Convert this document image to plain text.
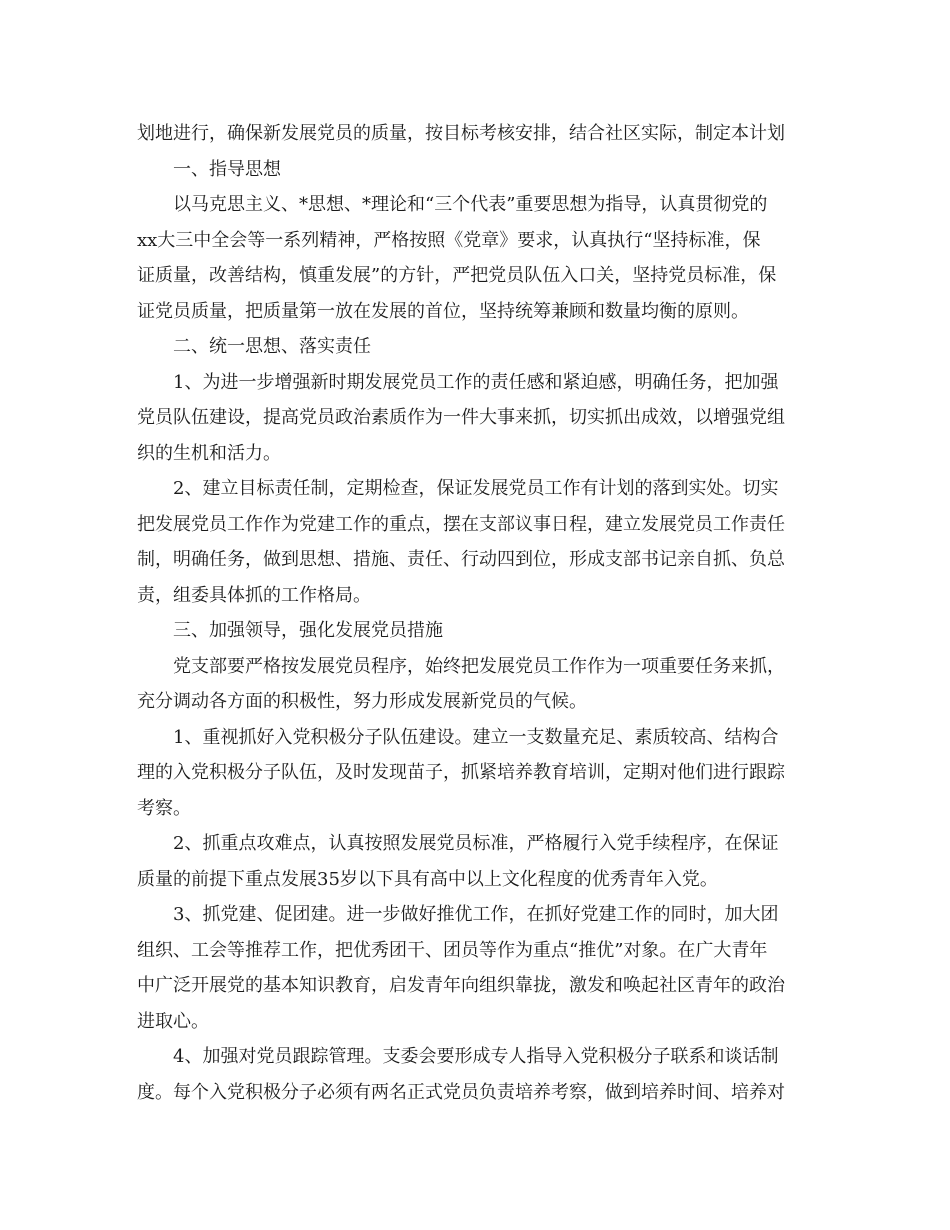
划地进行，确保新发展党员的质量，按目标考核安排，结合社区实际，制定本计划
一、指导思想
以马克思主义、*思想、*理论和“三个代表”重要思想为指导，认真贯彻党的
xx大三中全会等一系列精神，严格按照《党章》要求，认真执行“坚持标准，保
证质量，改善结构，慎重发展”的方针，严把党员队伍入口关，坚持党员标准，保
证党员质量，把质量第一放在发展的首位，坚持统筹兼顾和数量均衡的原则。
二、统一思想、落实责任
1、为进一步增强新时期发展党员工作的责任感和紧迫感，明确任务，把加强
党员队伍建设，提高党员政治素质作为一件大事来抓，切实抓出成效，以增强党组
织的生机和活力。
2、建立目标责任制，定期检查，保证发展党员工作有计划的落到实处。切实
把发展党员工作作为党建工作的重点，摆在支部议事日程，建立发展党员工作责任
制，明确任务，做到思想、措施、责任、行动四到位，形成支部书记亲自抓、负总
责，组委具体抓的工作格局。
三、加强领导，强化发展党员措施
党支部要严格按发展党员程序，始终把发展党员工作作为一项重要任务来抓，
充分调动各方面的积极性，努力形成发展新党员的气候。
1、重视抓好入党积极分子队伍建设。建立一支数量充足、素质较高、结构合
理的入党积极分子队伍，及时发现苗子，抓紧培养教育培训，定期对他们进行跟踪
考察。
2、抓重点攻难点，认真按照发展党员标准，严格履行入党手续程序，在保证
质量的前提下重点发展35岁以下具有高中以上文化程度的优秀青年入党。
3、抓党建、促团建。进一步做好推优工作，在抓好党建工作的同时，加大团
组织、工会等推荐工作，把优秀团干、团员等作为重点“推优”对象。在广大青年
中广泛开展党的基本知识教育，启发青年向组织靠拢，激发和唤起社区青年的政治
进取心。
4、加强对党员跟踪管理。支委会要形成专人指导入党积极分子联系和谈话制
度。每个入党积极分子必须有两名正式党员负责培养考察，做到培养时间、培养对
